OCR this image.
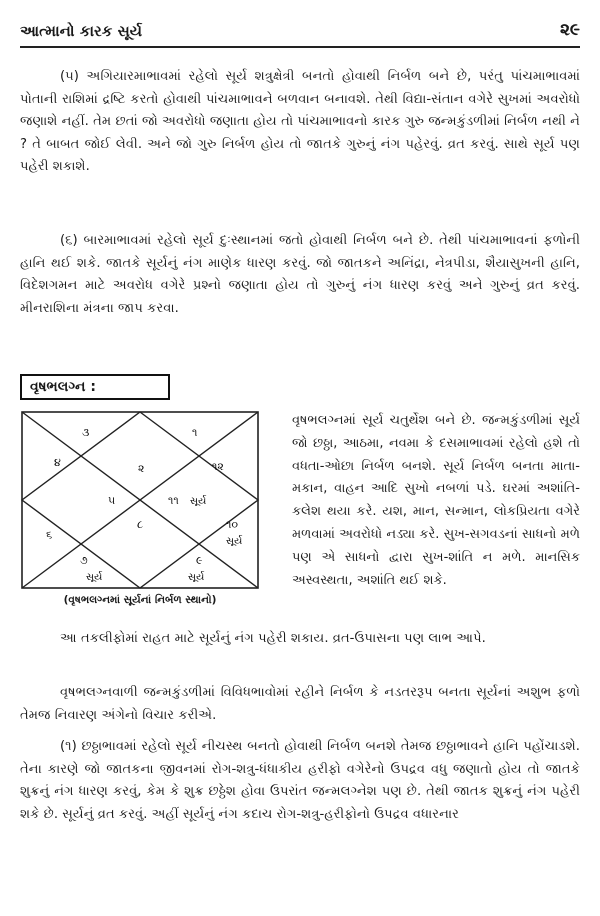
આત્માનો કારક સૂર્ય	૨૯

(૫) અગિયારમાભાવમાં રહેલો સૂર્ય શત્રુક્ષેત્રી બનતો હોવાથી નિર્બળ બને છે, પરંતુ પાંચમાભાવમાં પોતાની રાશિમાં દ્રષ્ટિ કરતો હોવાથી પાંચમાભાવને બળવાન બનાવશે. તેથી વિદ્યા-સંતાન વગેરે સુખમાં અવરોધો જણાશે નહીં. તેમ છતાં જો અવરોધો જણાતા હોય તો પાંચમાભાવનો કારક ગુરુ જન્મકુંડળીમાં નિર્બળ નથી ને ? તે બાબત જોઈ લેવી. અને જો ગુરુ નિર્બળ હોય તો જાતકે ગુરુનું નંગ પહેરવું. વ્રત કરવું. સાથે સૂર્ય પણ પહેરી શકાશે.

(૬) બારમાભાવમાં રહેલો સૂર્ય દુઃસ્થાનમાં જતો હોવાથી નિર્બળ બને છે. તેથી પાંચમાભાવનાં ફળોની હાનિ થઈ શકે. જાતકે સૂર્યનું નંગ માણેક ધારણ કરવું. જો જાતકને અનિંદ્રા, નેત્રપીડા, શૈયાસુખની હાનિ, વિદેશગમન માટે અવરોધ વગેરે પ્રશ્નો જણાતા હોય તો ગુરુનું નંગ ધારણ કરવું અને ગુરુનું વ્રત કરવું. મીનરાશિના મંત્રના જાપ કરવા.

વૃષભલગ્ન :
૩	૧
૪	૨	૧૨
૫	૧૧ સૂર્ય
૮
૬
૭	૯
૧૦
સૂર્ય
સૂર્ય	સૂર્ય
(વૃષભલગ્નમાં સૂર્યનાં નિર્બળ સ્થાનો)

વૃષભલગ્નમાં સૂર્ય ચતુર્થેશ બને છે. જન્મકુંડળીમાં સૂર્ય જો છઠ્ઠા, આઠમા, નવમા કે દસમાભાવમાં રહેલો હશે તો વધતા-ઓછા નિર્બળ બનશે. સૂર્ય નિર્બળ બનતા માતા-મકાન, વાહન આદિ સુખો નબળાં પડે. ઘરમાં અશાંતિ-કલેશ થયા કરે. યશ, માન, સન્માન, લોકપ્રિયતા વગેરે મળવામાં અવરોધો નડ્યા કરે. સુખ-સગવડનાં સાધનો મળે પણ એ સાધનો દ્વારા સુખ-શાંતિ ન મળે. માનસિક અસ્વસ્થતા, અશાંતિ થઈ શકે.

આ તકલીફોમાં રાહત માટે સૂર્યનું નંગ પહેરી શકાય. વ્રત-ઉપાસના પણ લાભ આપે.

વૃષભલગ્નવાળી જન્મકુંડળીમાં વિવિધભાવોમાં રહીને નિર્બળ કે નડતરરૂપ બનતા સૂર્યનાં અશુભ ફળો તેમજ નિવારણ અંગેનો વિચાર કરીએ.

(૧) છઠ્ઠાભાવમાં રહેલો સૂર્ય નીચસ્થ બનતો હોવાથી નિર્બળ બનશે તેમજ છઠ્ઠાભાવને હાનિ પહોંચાડશે. તેના કારણે જો જાતકના જીવનમાં રોગ-શત્રુ-ધંધાકીય હરીફો વગેરેનો ઉપદ્રવ વધુ જણાતો હોય તો જાતકે શુક્રનું નંગ ધારણ કરવું, કેમ કે શુક્ર છઠ્ઠેશ હોવા ઉપરાંત જન્મલગ્નેશ પણ છે. તેથી જાતક શુક્રનું નંગ પહેરી શકે છે. સૂર્યનું વ્રત કરવું. અહીં સૂર્યનું નંગ કદાચ રોગ-શત્રુ-હરીફોનો ઉપદ્રવ વધારનાર
